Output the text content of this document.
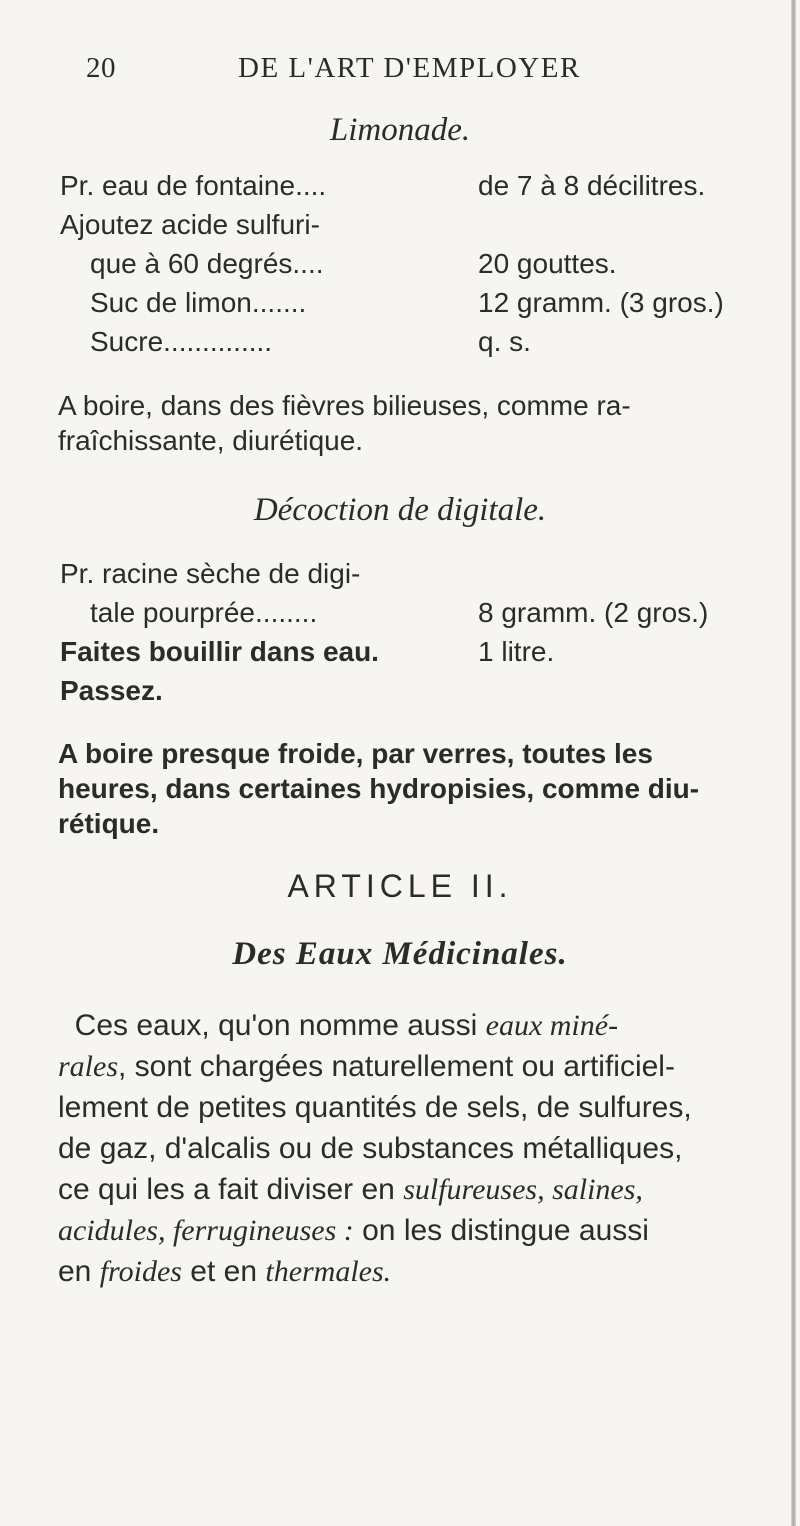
20	DE L'ART D'EMPLOYER
Limonade.
Pr. eau de fontaine....	de 7 à 8 décilitres.
Ajoutez acide sulfuri-
que à 60 degrés....	20 gouttes.
Suc de limon.......	12 gramm. (3 gros.)
Sucre..............	q. s.
A boire, dans des fièvres bilieuses, comme ra-
fraîchissante, diurétique.
Décoction de digitale.
Pr. racine sèche de digi-
tale pourprée........	8 gramm. (2 gros.)
Faites bouillir dans eau.	1 litre.
Passez.
A boire presque froide, par verres, toutes les
heures, dans certaines hydropisies, comme diu-
rétique.
ARTICLE II.
Des Eaux Médicinales.
Ces eaux, qu'on nomme aussi eaux miné-
rales, sont chargées naturellement ou artificiel-
lement de petites quantités de sels, de sulfures,
de gaz, d'alcalis ou de substances métalliques,
ce qui les a fait diviser en sulfureuses, salines,
acidules, ferrugineuses : on les distingue aussi
en froides et en thermales.
